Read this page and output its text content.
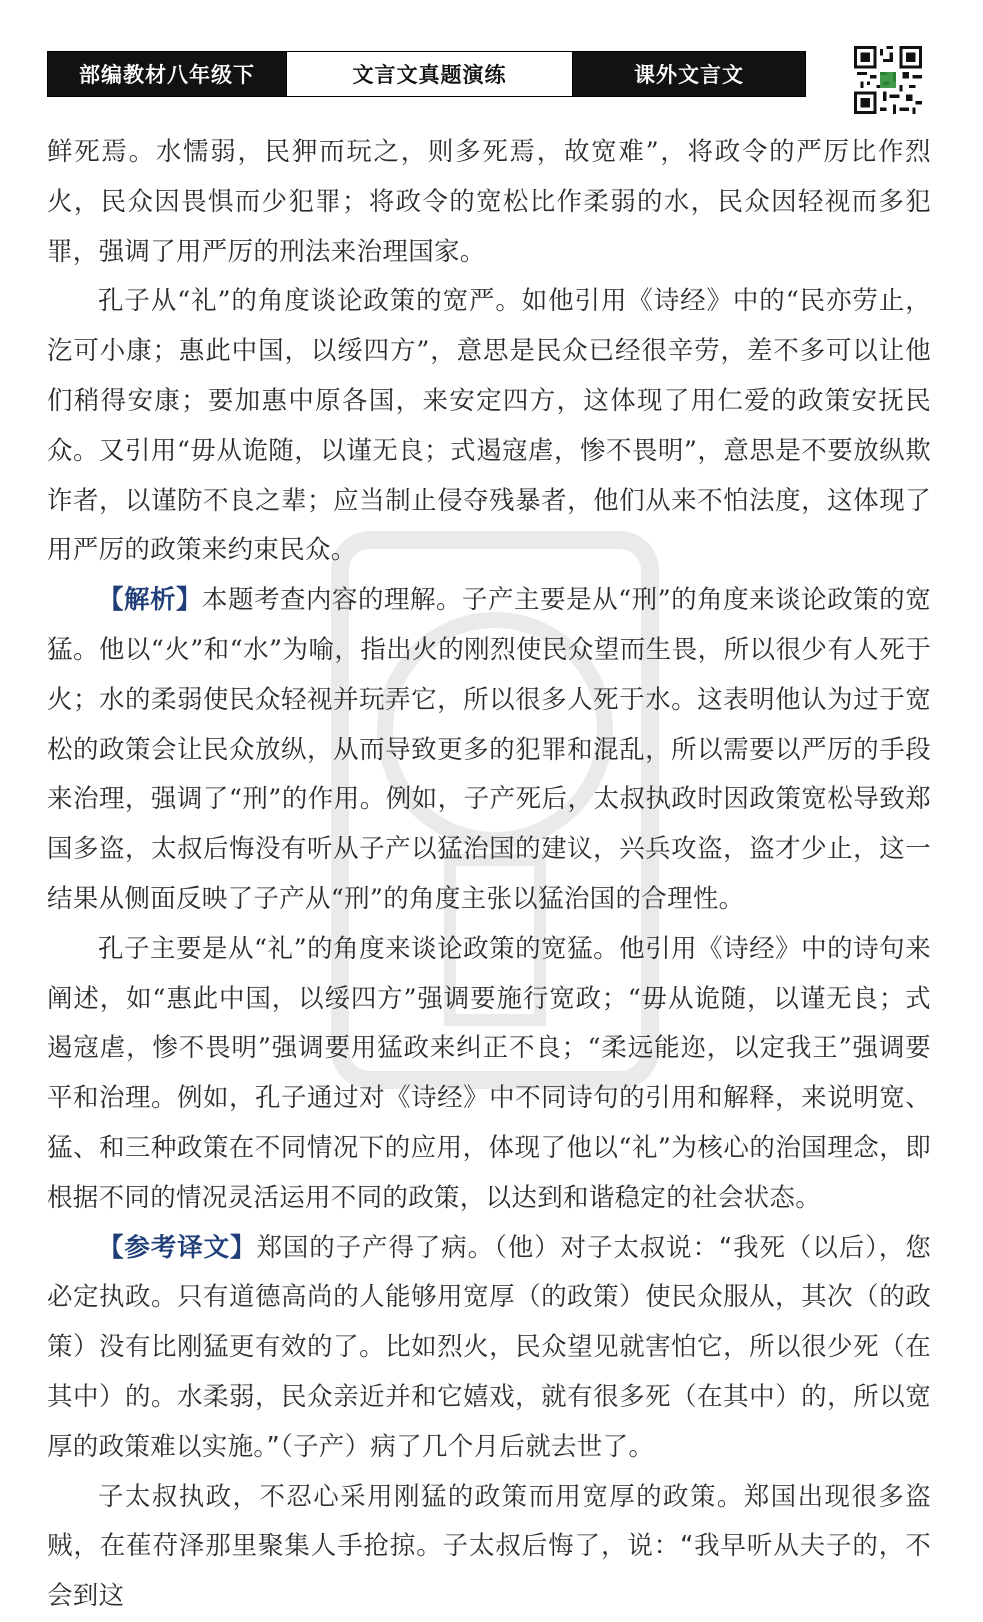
部编教材八年级下	文言文真题演练	课外文言文

鲜死焉。水懦弱，民狎而玩之，则多死焉，故宽难”，将政令的严厉比作烈火，民众因畏惧而少犯罪；将政令的宽松比作柔弱的水，民众因轻视而多犯罪，强调了用严厉的刑法来治理国家。

孔子从“礼”的角度谈论政策的宽严。如他引用《诗经》中的“民亦劳止，汔可小康；惠此中国，以绥四方”，意思是民众已经很辛劳，差不多可以让他们稍得安康；要加惠中原各国，来安定四方，这体现了用仁爱的政策安抚民众。又引用“毋从诡随，以谨无良；式遏寇虐，惨不畏明”，意思是不要放纵欺诈者，以谨防不良之辈；应当制止侵夺残暴者，他们从来不怕法度，这体现了用严厉的政策来约束民众。

【解析】本题考查内容的理解。子产主要是从“刑”的角度来谈论政策的宽猛。他以“火”和“水”为喻，指出火的刚烈使民众望而生畏，所以很少有人死于火；水的柔弱使民众轻视并玩弄它，所以很多人死于水。这表明他认为过于宽松的政策会让民众放纵，从而导致更多的犯罪和混乱，所以需要以严厉的手段来治理，强调了“刑”的作用。例如，子产死后，太叔执政时因政策宽松导致郑国多盗，太叔后悔没有听从子产以猛治国的建议，兴兵攻盗，盗才少止，这一结果从侧面反映了子产从“刑”的角度主张以猛治国的合理性。

孔子主要是从“礼”的角度来谈论政策的宽猛。他引用《诗经》中的诗句来阐述，如“惠此中国，以绥四方”强调要施行宽政；“毋从诡随，以谨无良；式遏寇虐，惨不畏明”强调要用猛政来纠正不良；“柔远能迩，以定我王”强调要平和治理。例如，孔子通过对《诗经》中不同诗句的引用和解释，来说明宽、猛、和三种政策在不同情况下的应用，体现了他以“礼”为核心的治国理念，即根据不同的情况灵活运用不同的政策，以达到和谐稳定的社会状态。

【参考译文】郑国的子产得了病。（他）对子太叔说：“我死（以后），您必定执政。只有道德高尚的人能够用宽厚（的政策）使民众服从，其次（的政策）没有比刚猛更有效的了。比如烈火，民众望见就害怕它，所以很少死（在其中）的。水柔弱，民众亲近并和它嬉戏，就有很多死（在其中）的，所以宽厚的政策难以实施。”（子产）病了几个月后就去世了。

子太叔执政，不忍心采用刚猛的政策而用宽厚的政策。郑国出现很多盗贼，在萑苻泽那里聚集人手抢掠。子太叔后悔了，说：“我早听从夫子的，不会到这
